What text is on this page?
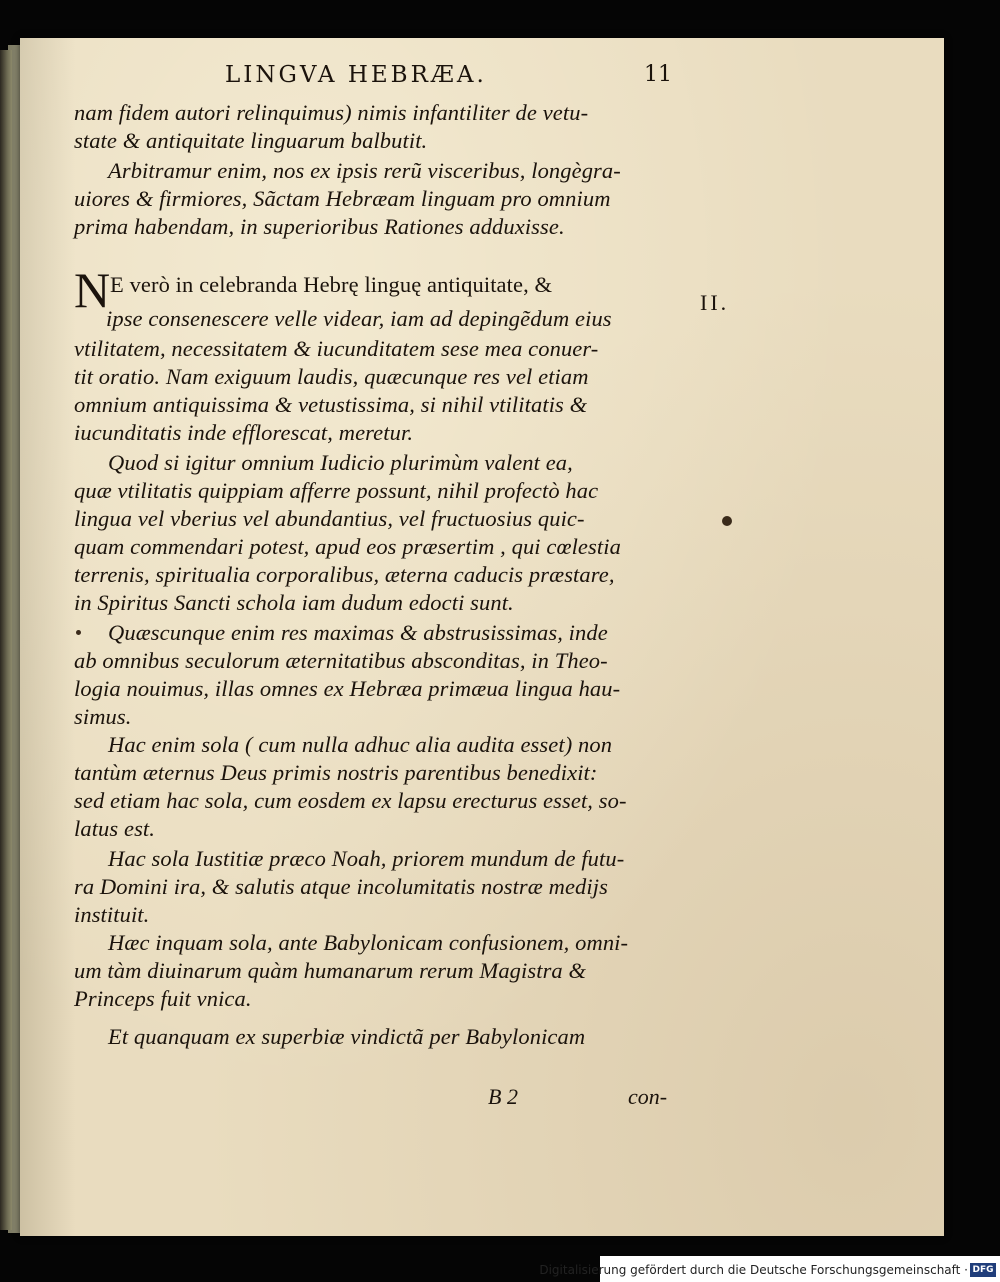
LINGVA HEBRÆA.	11
nam fidem autori relinquimus) nimis infantiliter de vetu-
state & antiquitate linguarum balbutit.
Arbitramur enim, nos ex ipsis rerũ visceribus, longègra-
uiores & firmiores, Sãctam Hebræam linguam pro omnium
prima habendam, in superioribus Rationes adduxisse.
E verò in celebranda Hebrę linguę antiquitate, &
ipse consenescere velle videar, iam ad depingẽdum eius
vtilitatem, necessitatem & iucunditatem sese mea conuer-
tit oratio. Nam exiguum laudis, quæcunque res vel etiam
omnium antiquissima & vetustissima, si nihil vtilitatis &
iucunditatis inde efflorescat, meretur.
Quod si igitur omnium Iudicio plurimùm valent ea,
quæ vtilitatis quippiam afferre possunt, nihil profectò hac
lingua vel vberius vel abundantius, vel fructuosius quic-
quam commendari potest, apud eos præsertim , qui cœlestia
terrenis, spiritualia corporalibus, æterna caducis præstare,
in Spiritus Sancti schola iam dudum edocti sunt.
Quæscunque enim res maximas & abstrusissimas, inde
ab omnibus seculorum æternitatibus absconditas, in Theo-
logia nouimus, illas omnes ex Hebræa primæua lingua hau-
simus.
Hac enim sola ( cum nulla adhuc alia audita esset) non
tantùm æternus Deus primis nostris parentibus benedixit:
sed etiam hac sola, cum eosdem ex lapsu erecturus esset, so-
latus est.
Hac sola Iustitiæ præco Noah, priorem mundum de futu-
ra Domini ira, & salutis atque incolumitatis nostræ medijs
instituit.
Hæc inquam sola, ante Babylonicam confusionem, omni-
um tàm diuinarum quàm humanarum rerum Magistra &
Princeps fuit vnica.
Et quanquam ex superbiæ vindictã per Babylonicam
N	II.
B 2	con-
Digitalisierung gefördert durch die Deutsche Forschungsgemeinschaft · DFG
